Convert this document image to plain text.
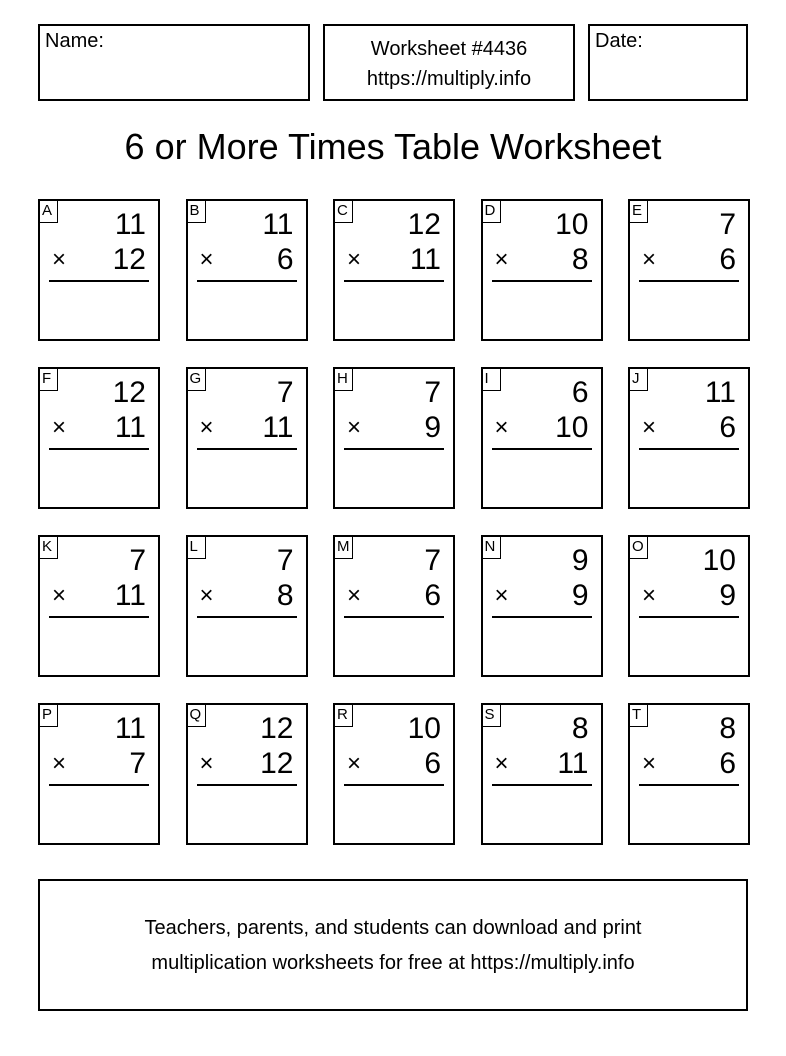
Name:	Worksheet #4436
https://multiply.info
Date:
6 or More Times Table Worksheet
A 11
× 12
B 11
× 6
C 12
× 11
D 10
× 8
E	7
× 6
F 12
× 11
G	7
× 11
H	7
× 9
I	6
× 10
J 11
× 6
K	7
× 11
L	7
× 8
M 7
× 6
N	9
× 9
O 10
× 9
P 11
× 7
Q 12
× 12
R 10
× 6
S	8
× 11
T	8
× 6
Teachers, parents, and students can download and print
multiplication worksheets for free at https://multiply.info
